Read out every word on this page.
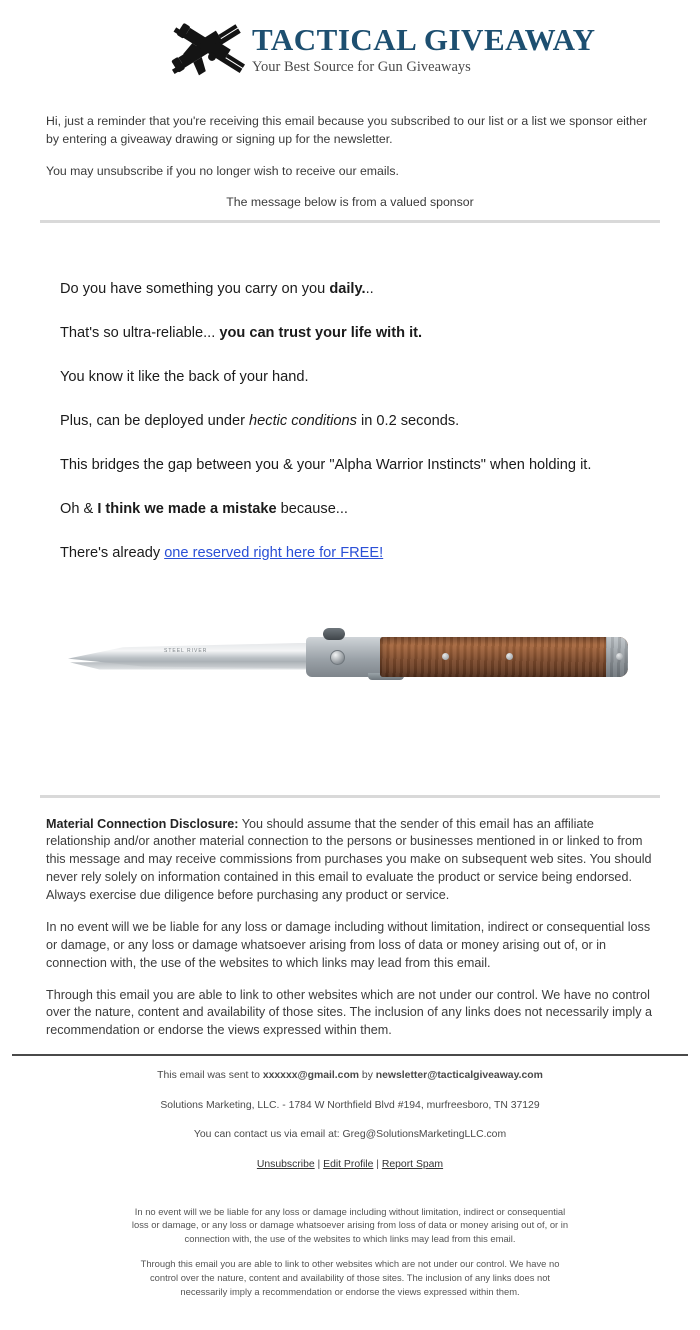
TACTICAL GIVEAWAY
Your Best Source for Gun Giveaways

Hi, just a reminder that you're receiving this email because you subscribed to our list or a list we sponsor either by entering a giveaway drawing or signing up for the newsletter.

You may unsubscribe if you no longer wish to receive our emails.

The message below is from a valued sponsor

Do you have something you carry on you daily...

That's so ultra-reliable... you can trust your life with it.

You know it like the back of your hand.

Plus, can be deployed under hectic conditions in 0.2 seconds.

This bridges the gap between you & your "Alpha Warrior Instincts" when holding it.

Oh & I think we made a mistake because...

There's already one reserved right here for FREE!

STEEL RIVER

Material Connection Disclosure: You should assume that the sender of this email has an affiliate relationship and/or another material connection to the persons or businesses mentioned in or linked to from this message and may receive commissions from purchases you make on subsequent web sites. You should never rely solely on information contained in this email to evaluate the product or service being endorsed. Always exercise due diligence before purchasing any product or service.

In no event will we be liable for any loss or damage including without limitation, indirect or consequential loss or damage, or any loss or damage whatsoever arising from loss of data or money arising out of, or in connection with, the use of the websites to which links may lead from this email.

Through this email you are able to link to other websites which are not under our control. We have no control over the nature, content and availability of those sites. The inclusion of any links does not necessarily imply a recommendation or endorse the views expressed within them.

This email was sent to xxxxxx@gmail.com by newsletter@tacticalgiveaway.com

Solutions Marketing, LLC. - 1784 W Northfield Blvd #194, murfreesboro, TN 37129

You can contact us via email at: Greg@SolutionsMarketingLLC.com

Unsubscribe | Edit Profile | Report Spam

In no event will we be liable for any loss or damage including without limitation, indirect or consequential loss or damage, or any loss or damage whatsoever arising from loss of data or money arising out of, or in connection with, the use of the websites to which links may lead from this email.

Through this email you are able to link to other websites which are not under our control. We have no control over the nature, content and availability of those sites. The inclusion of any links does not necessarily imply a recommendation or endorse the views expressed within them.
